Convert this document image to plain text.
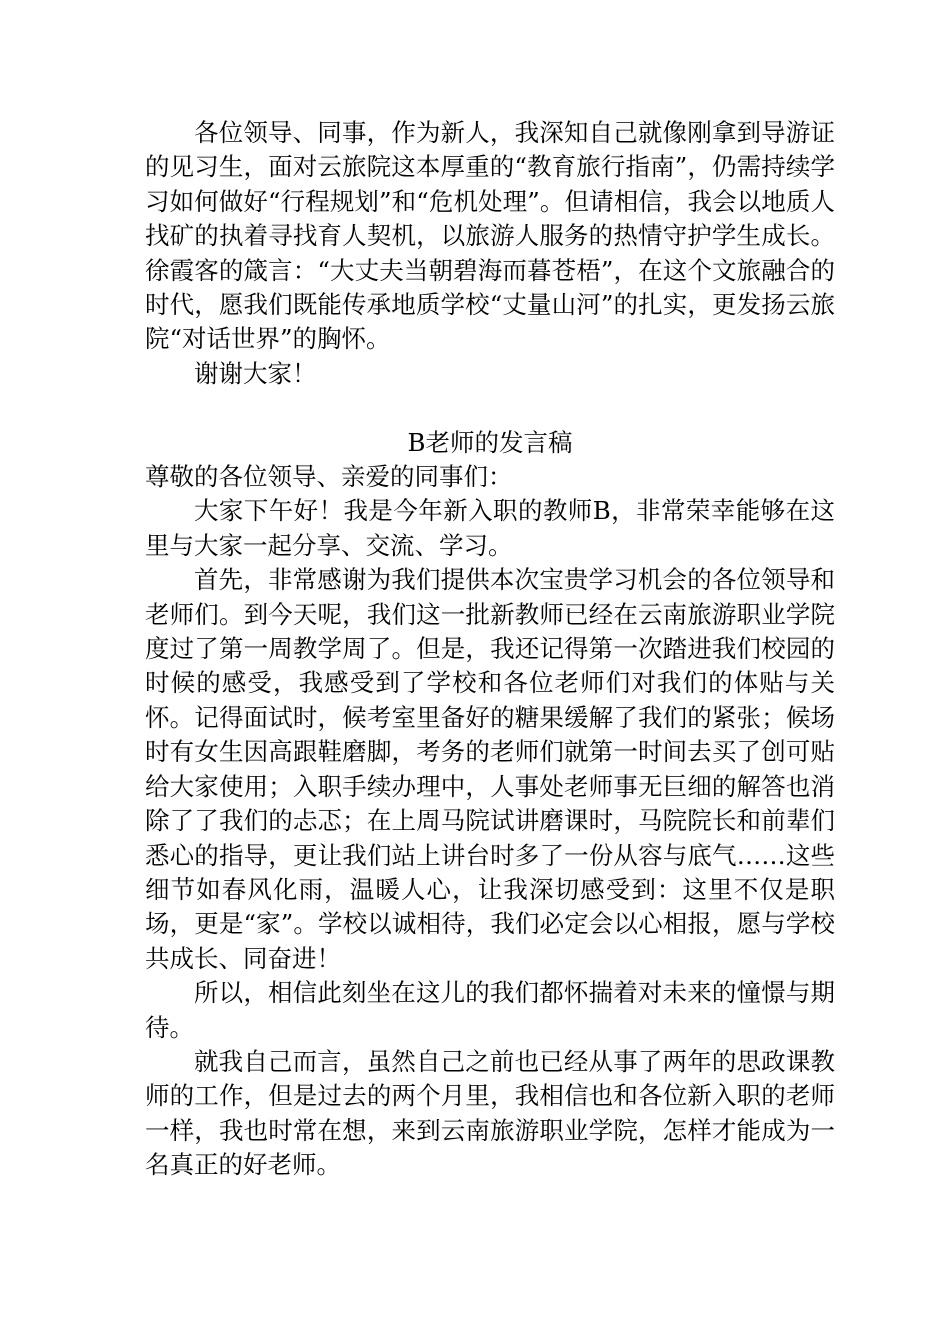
各位领导、同事，作为新人，我深知自己就像刚拿到导游证的见习生，面对云旅院这本厚重的“教育旅行指南”，仍需持续学习如何做好“行程规划”和“危机处理”。但请相信，我会以地质人找矿的执着寻找育人契机，以旅游人服务的热情守护学生成长。徐霞客的箴言：“大丈夫当朝碧海而暮苍梧”，在这个文旅融合的时代，愿我们既能传承地质学校“丈量山河”的扎实，更发扬云旅院“对话世界”的胸怀。

谢谢大家！

B老师的发言稿

尊敬的各位领导、亲爱的同事们：

大家下午好！我是今年新入职的教师B，非常荣幸能够在这里与大家一起分享、交流、学习。

首先，非常感谢为我们提供本次宝贵学习机会的各位领导和老师们。到今天呢，我们这一批新教师已经在云南旅游职业学院度过了第一周教学周了。但是，我还记得第一次踏进我们校园的时候的感受，我感受到了学校和各位老师们对我们的体贴与关怀。记得面试时，候考室里备好的糖果缓解了我们的紧张；候场时有女生因高跟鞋磨脚，考务的老师们就第一时间去买了创可贴给大家使用；入职手续办理中，人事处老师事无巨细的解答也消除了了我们的忐忑；在上周马院试讲磨课时，马院院长和前辈们悉心的指导，更让我们站上讲台时多了一份从容与底气……这些细节如春风化雨，温暖人心，让我深切感受到：这里不仅是职场，更是“家”。学校以诚相待，我们必定会以心相报，愿与学校共成长、同奋进！

所以，相信此刻坐在这儿的我们都怀揣着对未来的憧憬与期待。

就我自己而言，虽然自己之前也已经从事了两年的思政课教师的工作，但是过去的两个月里，我相信也和各位新入职的老师一样，我也时常在想，来到云南旅游职业学院，怎样才能成为一名真正的好老师。
